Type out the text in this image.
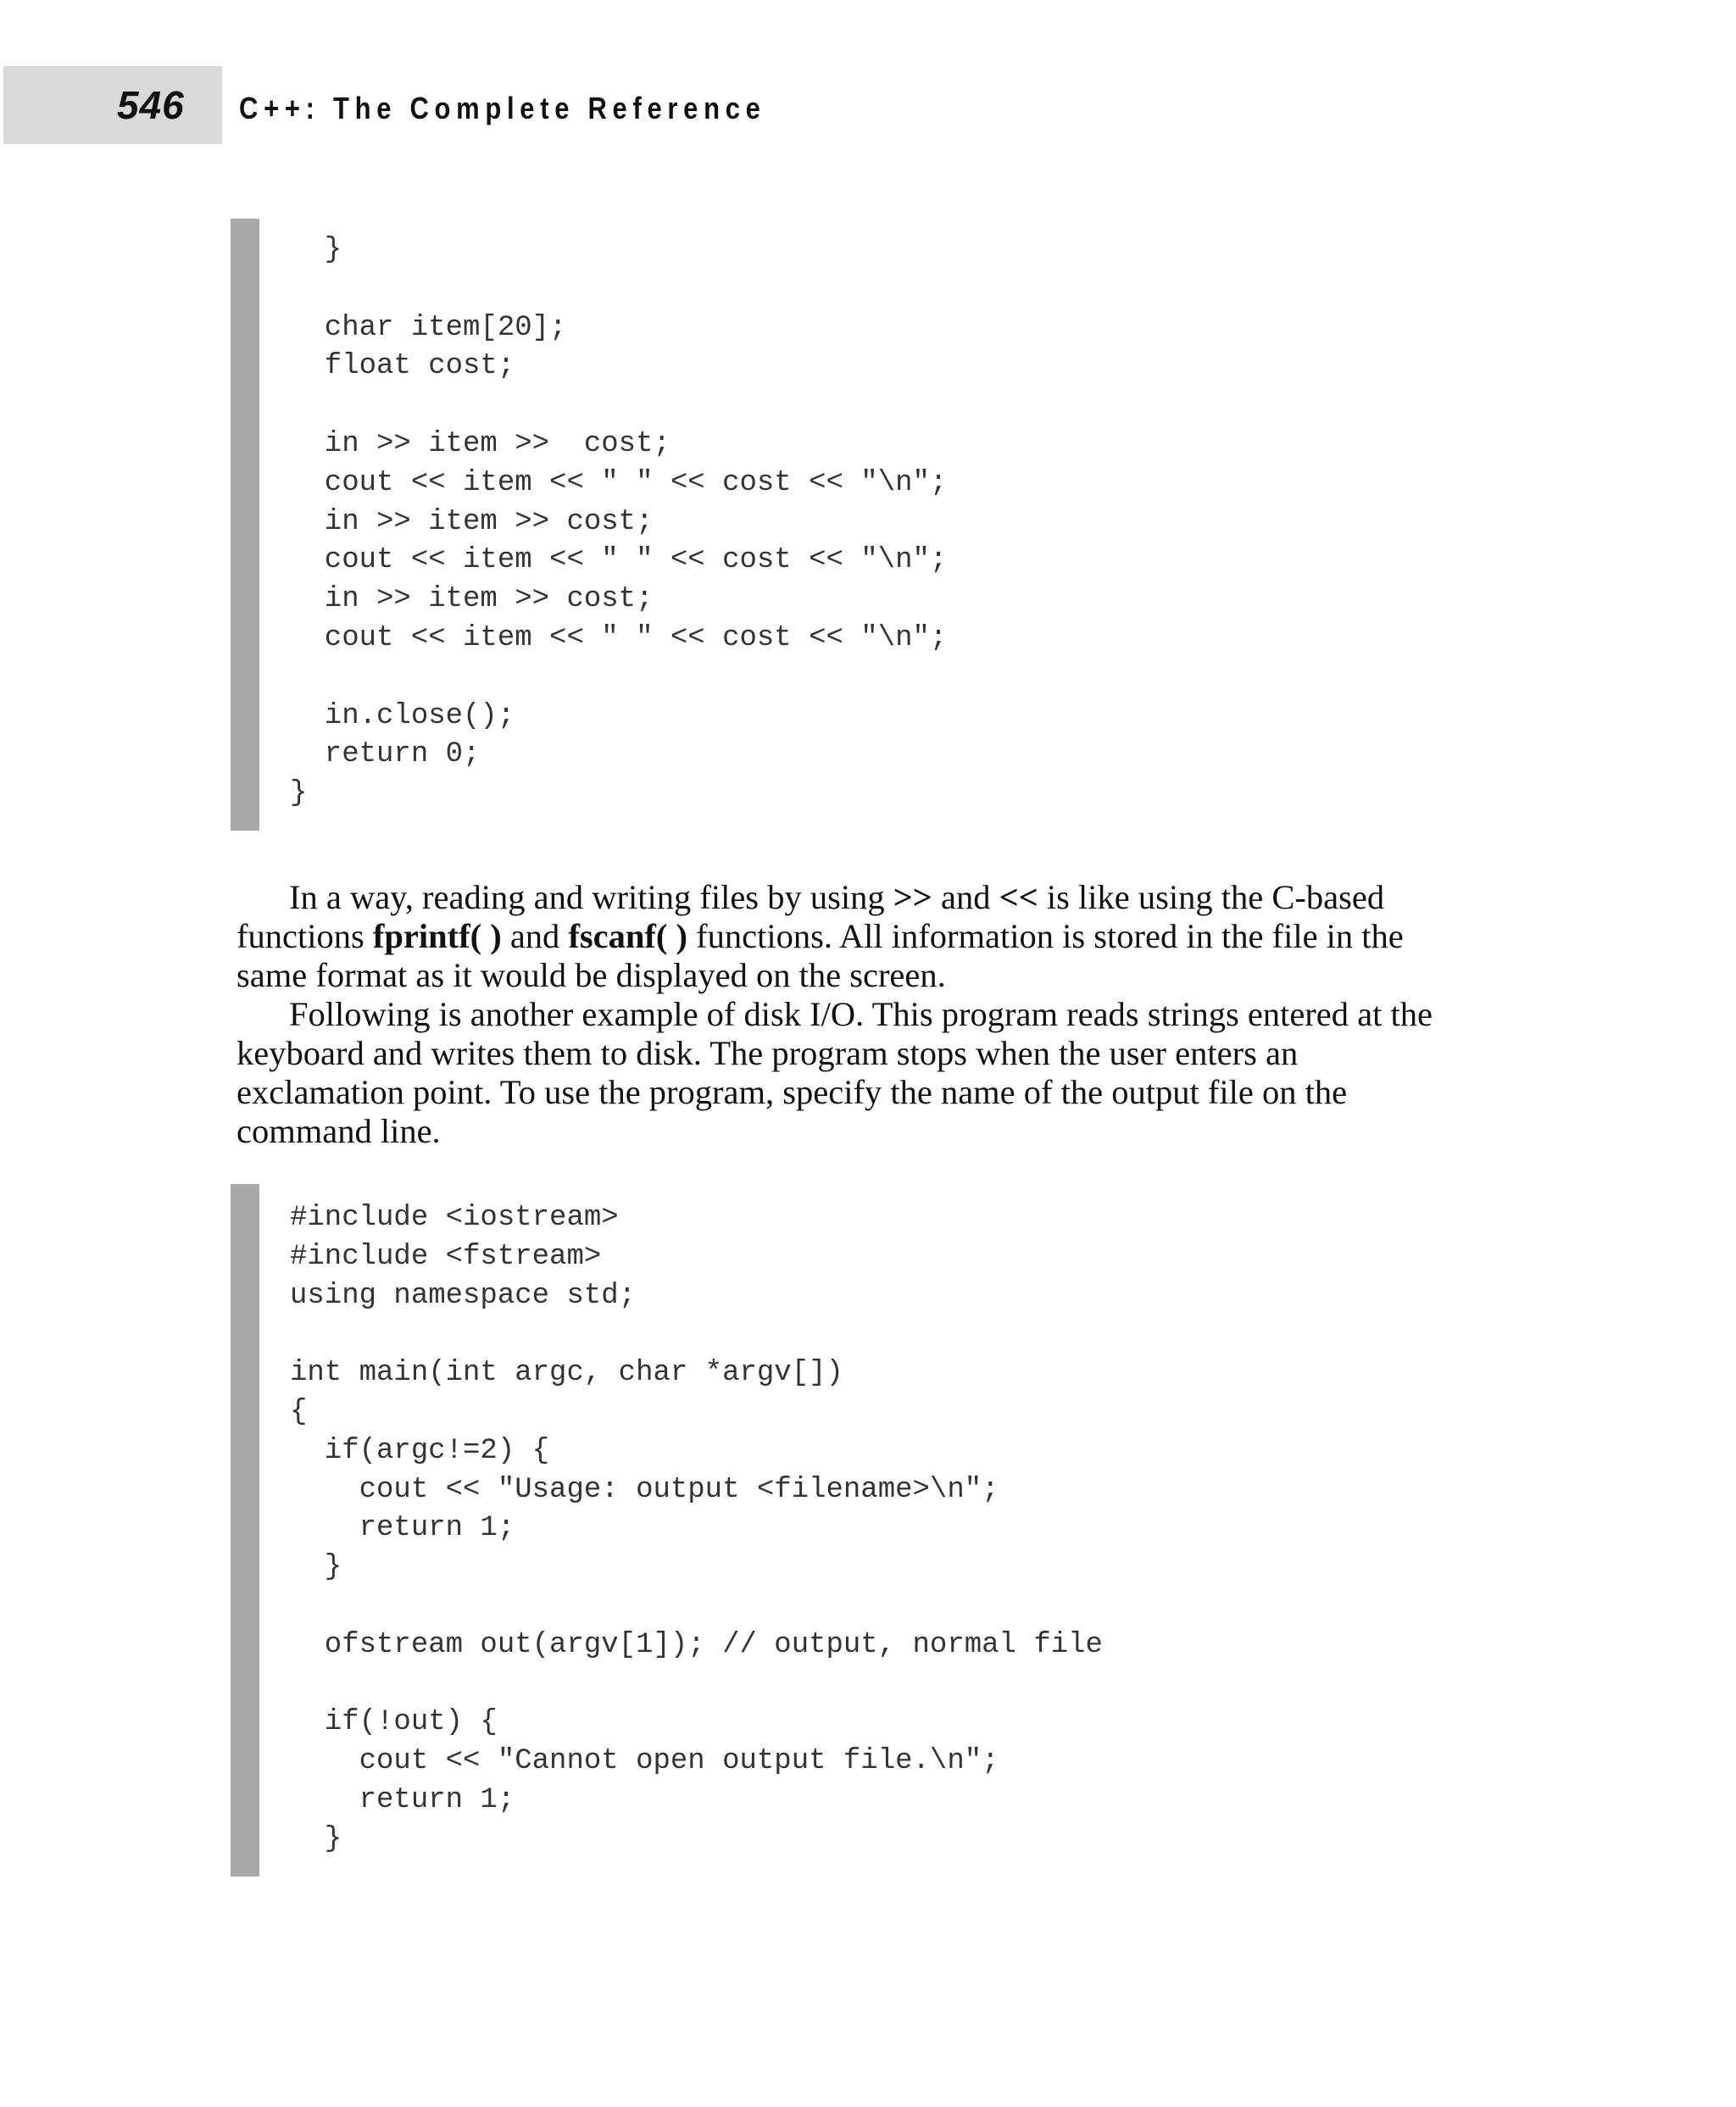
546 C++: The Complete Reference
}
char item[20];
float cost;
in >> item >>  cost;
cout << item << " " << cost << "\n";
in >> item >> cost;
cout << item << " " << cost << "\n";
in >> item >> cost;
cout << item << " " << cost << "\n";
in.close();
return 0;
}

In a way, reading and writing files by using >> and << is like using the C-based functions fprintf( ) and fscanf( ) functions. All information is stored in the file in the same format as it would be displayed on the screen.

Following is another example of disk I/O. This program reads strings entered at the keyboard and writes them to disk. The program stops when the user enters an exclamation point. To use the program, specify the name of the output file on the command line.

#include <iostream>
#include <fstream>
using namespace std;
int main(int argc, char *argv[])
{
if(argc!=2) {
cout << "Usage: output <filename>\n";
return 1;
}
ofstream out(argv[1]); // output, normal file
if(!out) {
cout << "Cannot open output file.\n";
return 1;
}
